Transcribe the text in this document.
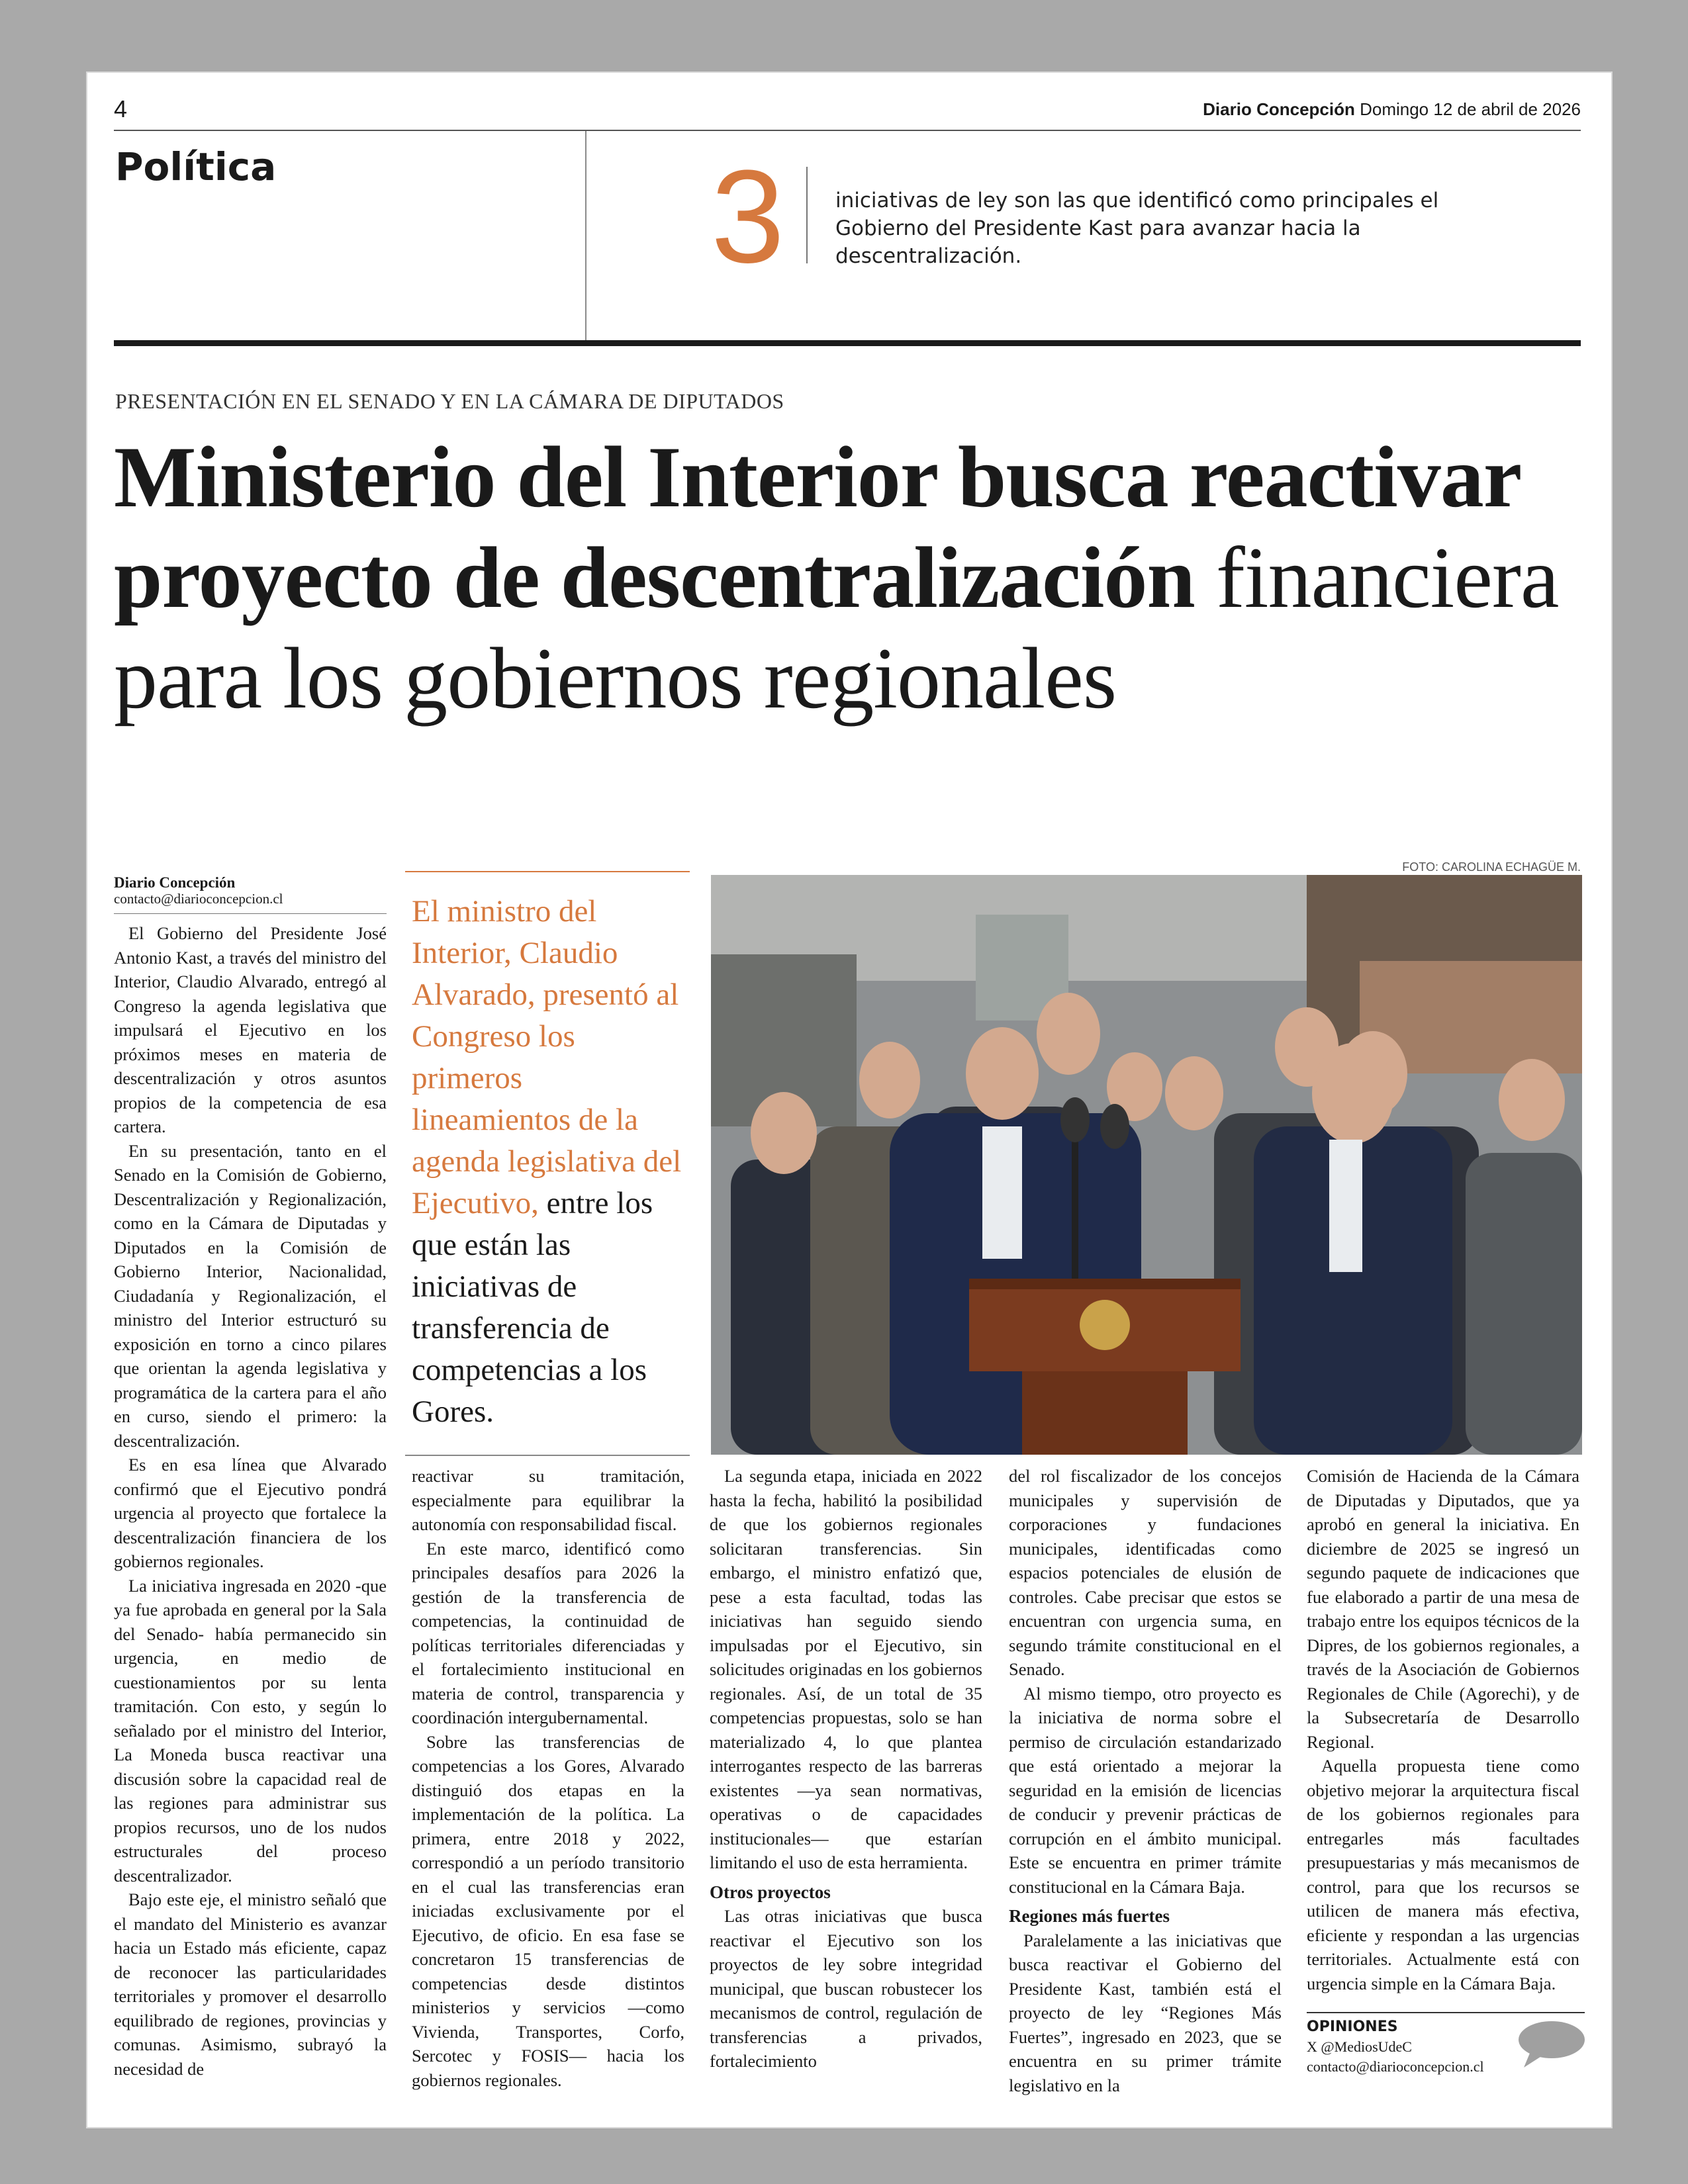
4	Diario Concepción Domingo 12 de abril de 2026
Política	3 iniciativas de ley son las que identificó como principales el Gobierno del Presidente Kast para avanzar hacia la descentralización.
PRESENTACIÓN EN EL SENADO Y EN LA CÁMARA DE DIPUTADOS
Ministerio del Interior busca reactivar proyecto de descentralización financiera para los gobiernos regionales
FOTO: CAROLINA ECHAGÜE M.
Diario Concepción
contacto@diarioconcepcion.cl

El Gobierno del Presidente José Antonio Kast, a través del ministro del Interior, Claudio Alvarado, entregó al Congreso la agenda legislativa que impulsará el Ejecutivo en los próximos meses en materia de descentralización y otros asuntos propios de la competencia de esa cartera.

En su presentación, tanto en el Senado en la Comisión de Gobierno, Descentralización y Regionalización, como en la Cámara de Diputadas y Diputados en la Comisión de Gobierno Interior, Nacionalidad, Ciudadanía y Regionalización, el ministro del Interior estructuró su exposición en torno a cinco pilares que orientan la agenda legislativa y programática de la cartera para el año en curso, siendo el primero: la descentralización.

Es en esa línea que Alvarado confirmó que el Ejecutivo pondrá urgencia al proyecto que fortalece la descentralización financiera de los gobiernos regionales.

La iniciativa ingresada en 2020 -que ya fue aprobada en general por la Sala del Senado- había permanecido sin urgencia, en medio de cuestionamientos por su lenta tramitación. Con esto, y según lo señalado por el ministro del Interior, La Moneda busca reactivar una discusión sobre la capacidad real de las regiones para administrar sus propios recursos, uno de los nudos estructurales del proceso descentralizador.

Bajo este eje, el ministro señaló que el mandato del Ministerio es avanzar hacia un Estado más eficiente, capaz de reconocer las particularidades territoriales y promover el desarrollo equilibrado de regiones, provincias y comunas. Asimismo, subrayó la necesidad de

El ministro del Interior, Claudio Alvarado, presentó al Congreso los primeros lineamientos de la agenda legislativa del Ejecutivo, entre los que están las iniciativas de transferencia de competencias a los Gores.

reactivar su tramitación, especialmente para equilibrar la autonomía con responsabilidad fiscal.

En este marco, identificó como principales desafíos para 2026 la gestión de la transferencia de competencias, la continuidad de políticas territoriales diferenciadas y el fortalecimiento institucional en materia de control, transparencia y coordinación intergubernamental.

Sobre las transferencias de competencias a los Gores, Alvarado distinguió dos etapas en la implementación de la política. La primera, entre 2018 y 2022, correspondió a un período transitorio en el cual las transferencias eran iniciadas exclusivamente por el Ejecutivo, de oficio. En esa fase se concretaron 15 transferencias de competencias desde distintos ministerios y servicios —como Vivienda, Transportes, Corfo, Sercotec y FOSIS— hacia los gobiernos regionales.

La segunda etapa, iniciada en 2022 hasta la fecha, habilitó la posibilidad de que los gobiernos regionales solicitaran transferencias. Sin embargo, el ministro enfatizó que, pese a esta facultad, todas las iniciativas han seguido siendo impulsadas por el Ejecutivo, sin solicitudes originadas en los gobiernos regionales. Así, de un total de 35 competencias propuestas, solo se han materializado 4, lo que plantea interrogantes respecto de las barreras existentes —ya sean normativas, operativas o de capacidades institucionales— que estarían limitando el uso de esta herramienta.

Otros proyectos

Las otras iniciativas que busca reactivar el Ejecutivo son los proyectos de ley sobre integridad municipal, que buscan robustecer los mecanismos de control, regulación de transferencias a privados, fortalecimiento

del rol fiscalizador de los concejos municipales y supervisión de corporaciones y fundaciones municipales, identificadas como espacios potenciales de elusión de controles. Cabe precisar que estos se encuentran con urgencia suma, en segundo trámite constitucional en el Senado.

Al mismo tiempo, otro proyecto es la iniciativa de norma sobre el permiso de circulación estandarizado que está orientado a mejorar la seguridad en la emisión de licencias de conducir y prevenir prácticas de corrupción en el ámbito municipal. Este se encuentra en primer trámite constitucional en la Cámara Baja.

Regiones más fuertes

Paralelamente a las iniciativas que busca reactivar el Gobierno del Presidente Kast, también está el proyecto de ley “Regiones Más Fuertes”, ingresado en 2023, que se encuentra en su primer trámite legislativo en la

Comisión de Hacienda de la Cámara de Diputadas y Diputados, que ya aprobó en general la iniciativa. En diciembre de 2025 se ingresó un segundo paquete de indicaciones que fue elaborado a partir de una mesa de trabajo entre los equipos técnicos de la Dipres, de los gobiernos regionales, a través de la Asociación de Gobiernos Regionales de Chile (Agorechi), y de la Subsecretaría de Desarrollo Regional.

Aquella propuesta tiene como objetivo mejorar la arquitectura fiscal de los gobiernos regionales para entregarles más facultades presupuestarias y más mecanismos de control, para que los recursos se utilicen de manera más efectiva, eficiente y respondan a las urgencias territoriales. Actualmente está con urgencia simple en la Cámara Baja.

OPINIONES
X @MediosUdeC
contacto@diarioconcepcion.cl
